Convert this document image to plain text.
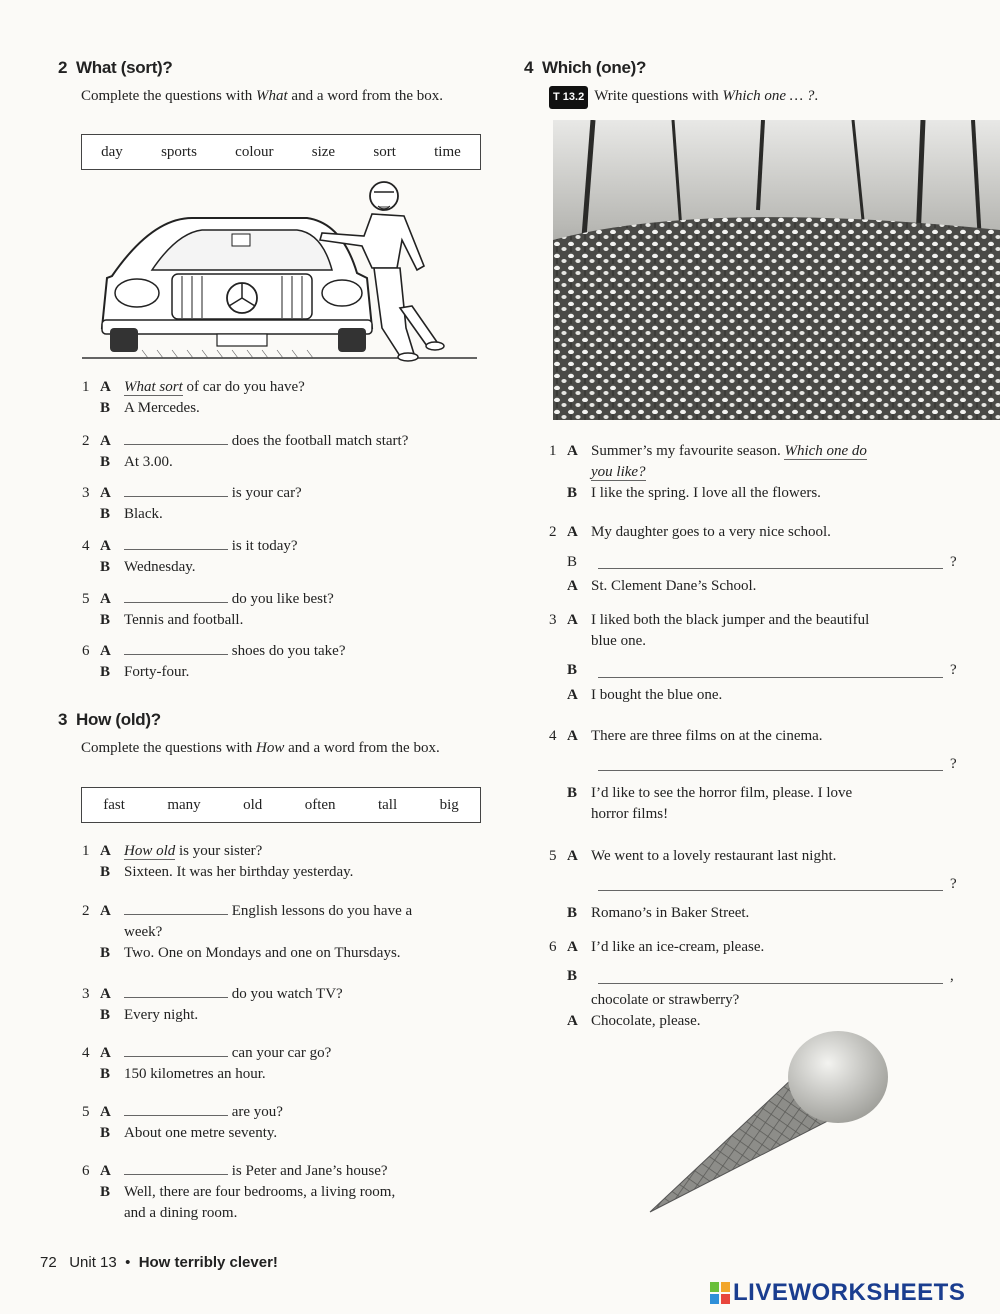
2 What (sort)?
Complete the questions with What and a word from the box.
day	sports	colour	size	sort	time
1 A What sort of car do you have?
B A Mercedes.
2 A	does the football match start?
B At 3.00.
3 A	is your car?
B Black.
4 A	is it today?
B Wednesday.
5 A	do you like best?
B Tennis and football.
6 A	shoes do you take?
B Forty-four.
3 How (old)?
Complete the questions with How and a word from the box.
fast	many	old	often	tall	big
1 A How old is your sister?
B Sixteen. It was her birthday yesterday.
2 A	English lessons do you have a
week?
B Two. One on Mondays and one on Thursdays.
3 A	do you watch TV?
B Every night.
4 A	can your car go?
B 150 kilometres an hour.
5 A	are you?
B About one metre seventy.
6 A	is Peter and Jane’s house?
B Well, there are four bedrooms, a living room,
and a dining room.
4 Which (one)?
T 13.2 Write questions with Which one … ?.
1 A Summer’s my favourite season. Which one do
you like?
B I like the spring. I love all the flowers.
2 A My daughter goes to a very nice school.
B	?
A St. Clement Dane’s School.
3 A I liked both the black jumper and the beautiful
blue one.
B	?
A I bought the blue one.
4 A There are three films on at the cinema.
?
B I’d like to see the horror film, please. I love
horror films!
5 A We went to a lovely restaurant last night.
?
B Romano’s in Baker Street.
6 A I’d like an ice-cream, please.
B	,
chocolate or strawberry?
A Chocolate, please.
72 Unit 13 • How terribly clever!
LIVEWORKSHEETS
